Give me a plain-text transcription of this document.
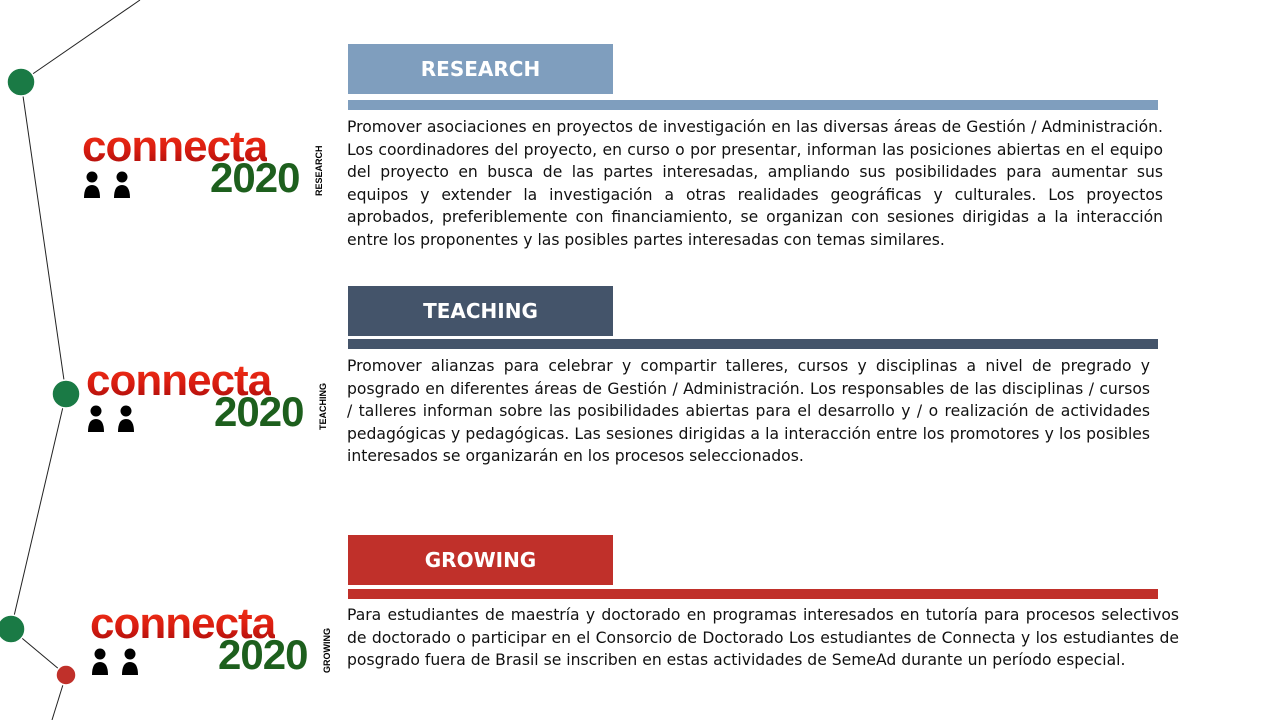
RESEARCH

Promover asociaciones en proyectos de investigación en las diversas áreas de Gestión / Administración. Los coordinadores del proyecto, en curso o por presentar, informan las posiciones abiertas en el equipo del proyecto en busca de las partes interesadas, ampliando sus posibilidades para aumentar sus equipos y extender la investigación a otras realidades geográficas y culturales. Los proyectos aprobados, preferiblemente con financiamiento, se organizan con sesiones dirigidas a la interacción entre los proponentes y las posibles partes interesadas con temas similares.

connecta
2020 RESEARCH
TEACHING

Promover alianzas para celebrar y compartir talleres, cursos y disciplinas a nivel de pregrado y posgrado en diferentes áreas de Gestión / Administración. Los responsables de las disciplinas / cursos / talleres informan sobre las posibilidades abiertas para el desarrollo y / o realización de actividades pedagógicas y pedagógicas. Las sesiones dirigidas a la interacción entre los promotores y los posibles interesados se organizarán en los procesos seleccionados.

connecta
2020 TEACHING
GROWING

Para estudiantes de maestría y doctorado en programas interesados en tutoría para procesos selectivos de doctorado o participar en el Consorcio de Doctorado Los estudiantes de Connecta y los estudiantes de posgrado fuera de Brasil se inscriben en estas actividades de SemeAd durante un período especial.

connecta
2020 GROWING
